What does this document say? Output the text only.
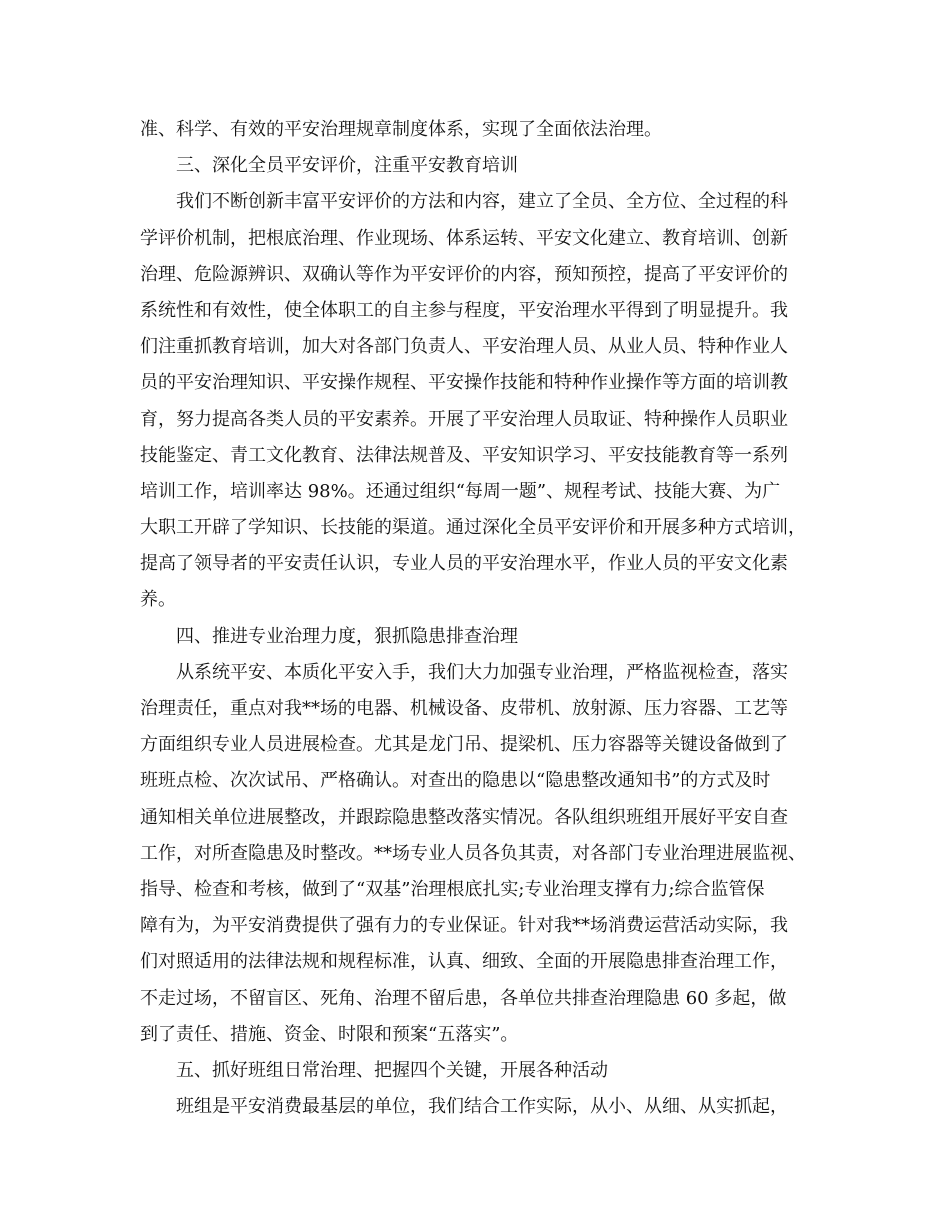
准、科学、有效的平安治理规章制度体系，实现了全面依法治理。
三、深化全员平安评价，注重平安教育培训
我们不断创新丰富平安评价的方法和内容，建立了全员、全方位、全过程的科
学评价机制，把根底治理、作业现场、体系运转、平安文化建立、教育培训、创新
治理、危险源辨识、双确认等作为平安评价的内容，预知预控，提高了平安评价的
系统性和有效性，使全体职工的自主参与程度，平安治理水平得到了明显提升。我
们注重抓教育培训，加大对各部门负责人、平安治理人员、从业人员、特种作业人
员的平安治理知识、平安操作规程、平安操作技能和特种作业操作等方面的培训教
育，努力提高各类人员的平安素养。开展了平安治理人员取证、特种操作人员职业
技能鉴定、青工文化教育、法律法规普及、平安知识学习、平安技能教育等一系列
培训工作，培训率达 98%。还通过组织“每周一题”、规程考试、技能大赛、为广
大职工开辟了学知识、长技能的渠道。通过深化全员平安评价和开展多种方式培训，
提高了领导者的平安责任认识，专业人员的平安治理水平，作业人员的平安文化素
养。
四、推进专业治理力度，狠抓隐患排查治理
从系统平安、本质化平安入手，我们大力加强专业治理，严格监视检查，落实
治理责任，重点对我**场的电器、机械设备、皮带机、放射源、压力容器、工艺等
方面组织专业人员进展检查。尤其是龙门吊、提梁机、压力容器等关键设备做到了
班班点检、次次试吊、严格确认。对查出的隐患以“隐患整改通知书”的方式及时
通知相关单位进展整改，并跟踪隐患整改落实情况。各队组织班组开展好平安自查
工作，对所查隐患及时整改。**场专业人员各负其责，对各部门专业治理进展监视、
指导、检查和考核，做到了“双基”治理根底扎实;专业治理支撑有力;综合监管保
障有为，为平安消费提供了强有力的专业保证。针对我**场消费运营活动实际，我
们对照适用的法律法规和规程标准，认真、细致、全面的开展隐患排查治理工作，
不走过场，不留盲区、死角、治理不留后患，各单位共排查治理隐患 60 多起，做
到了责任、措施、资金、时限和预案“五落实”。
五、抓好班组日常治理、把握四个关键，开展各种活动
班组是平安消费最基层的单位，我们结合工作实际，从小、从细、从实抓起，
